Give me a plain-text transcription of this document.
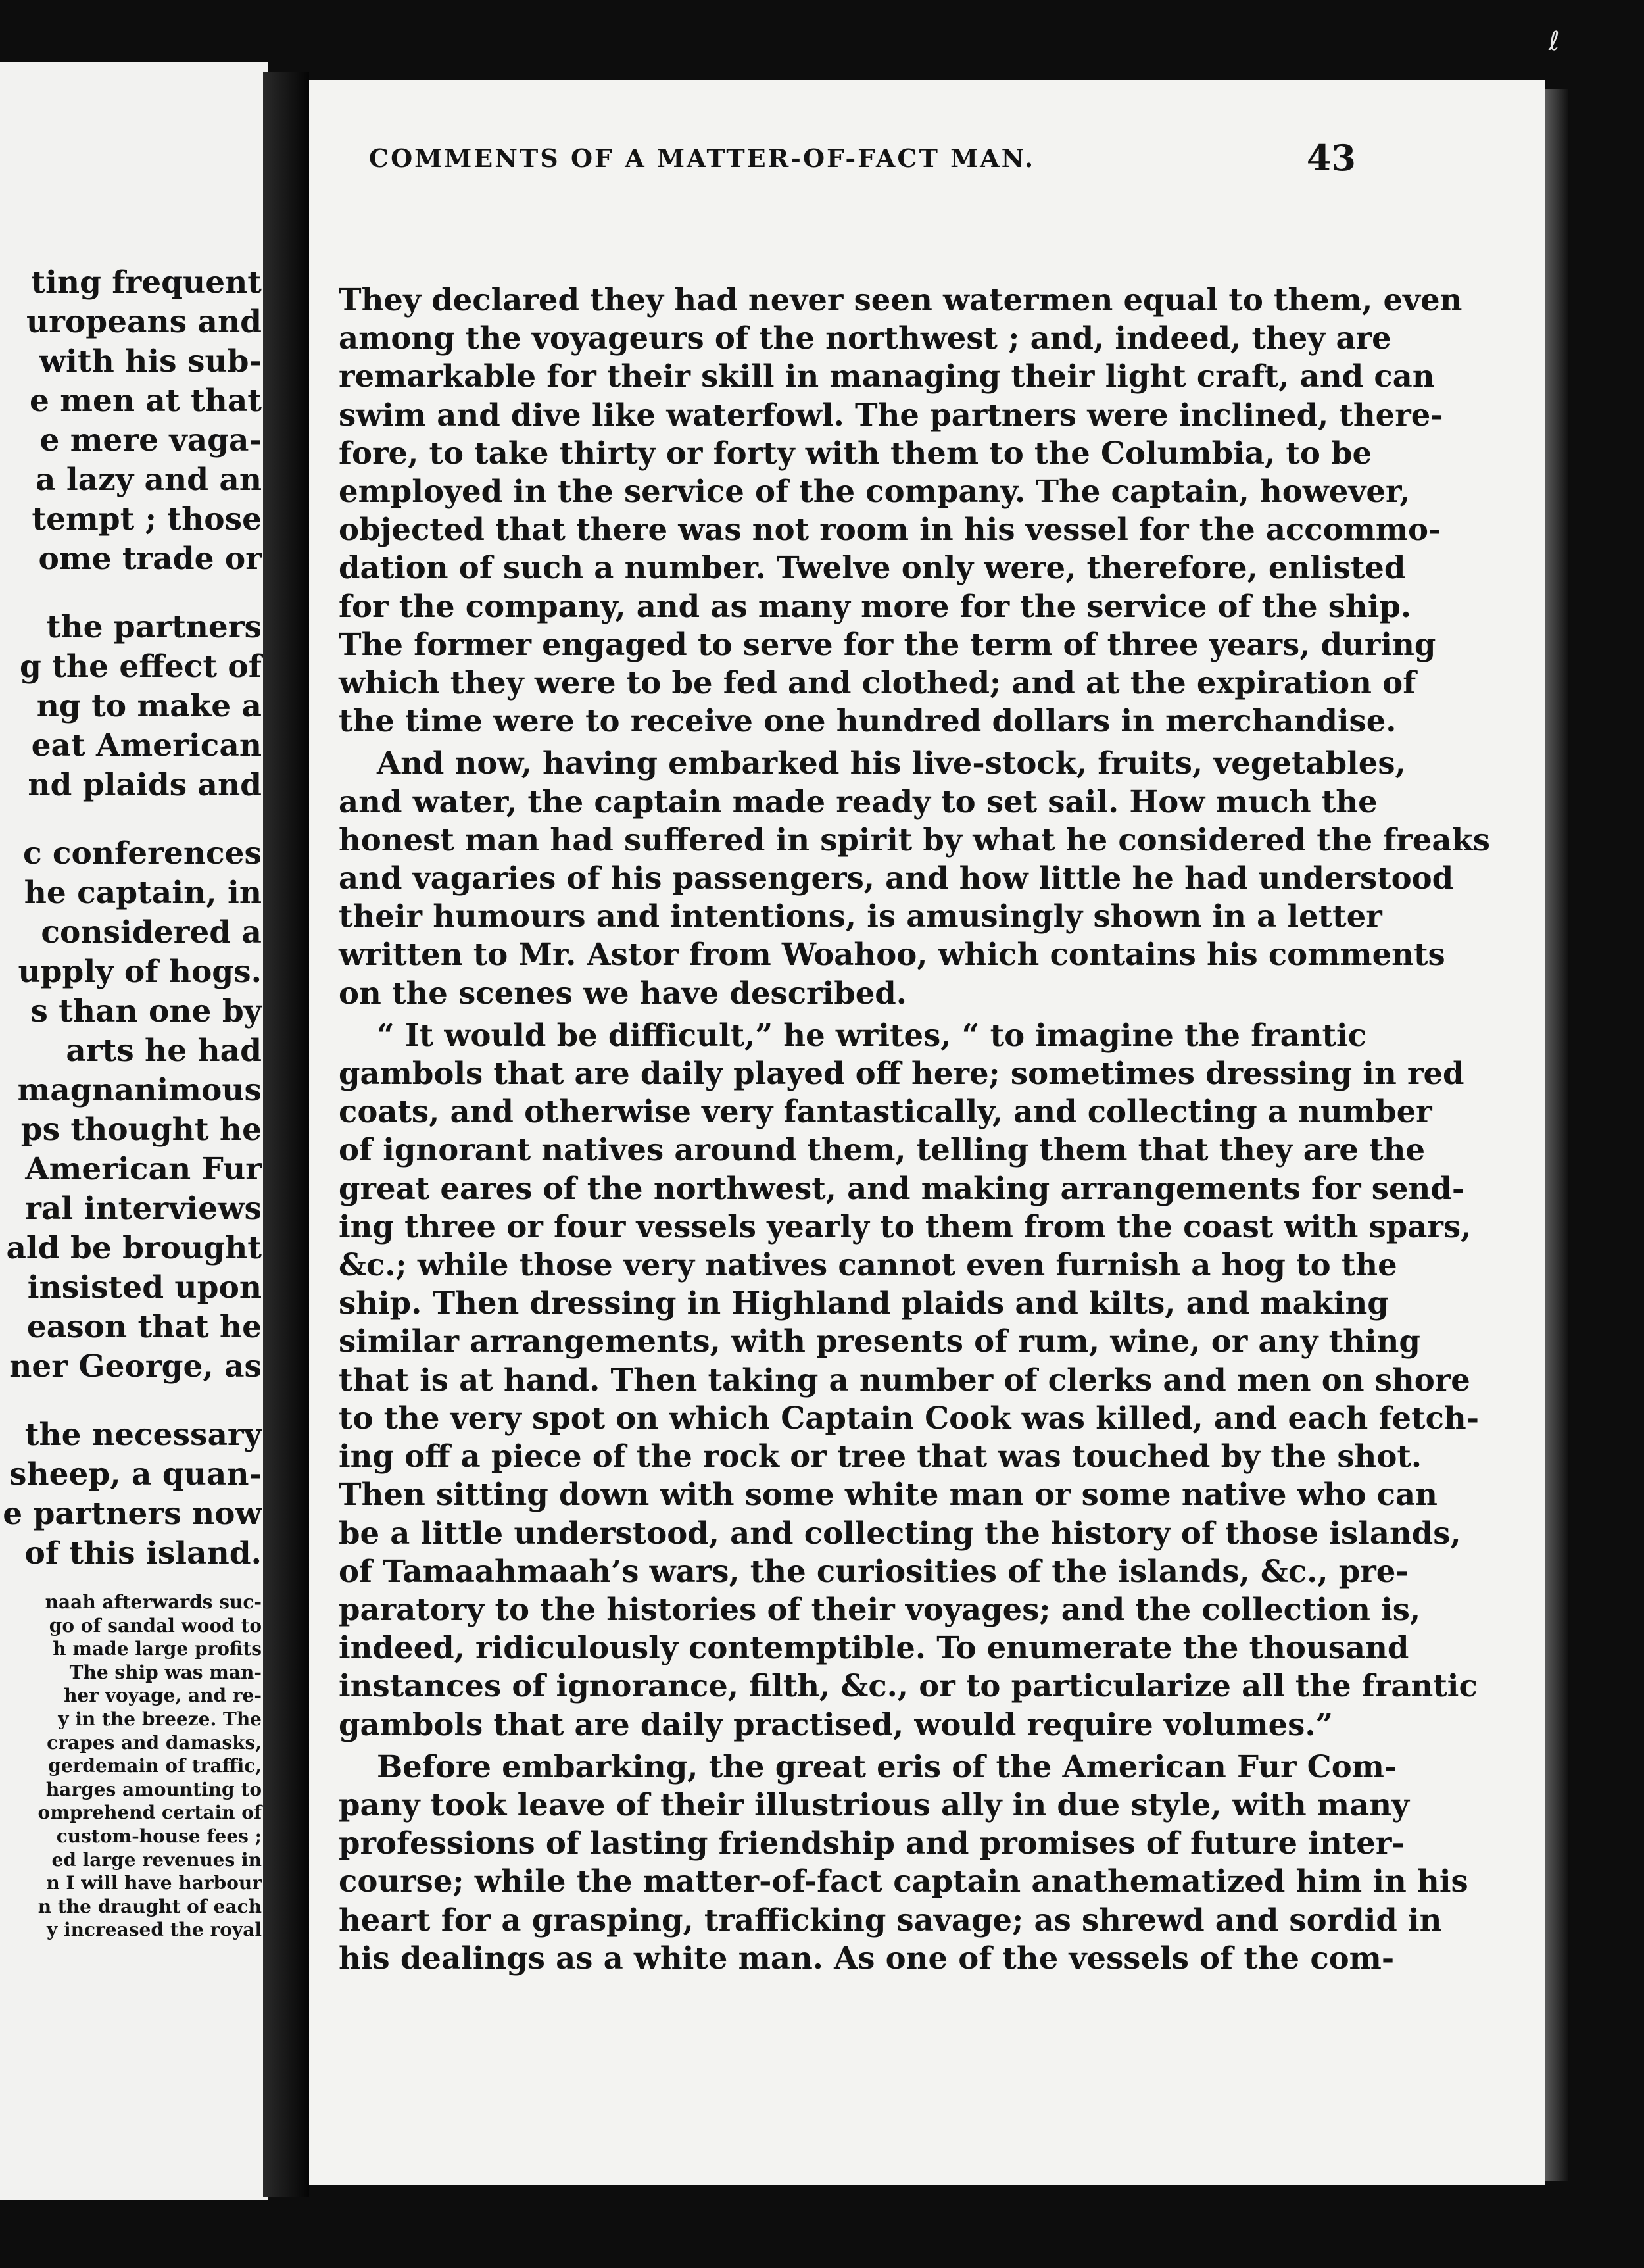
ting frequent
uropeans and
with his sub-
e men at that
e mere vaga-
a lazy and an
tempt ; those
ome trade or
the partners
g the effect of
ng to make a
eat American
nd plaids and
c conferences
he captain, in
considered a
upply of hogs.
s than one by
arts he had
magnanimous
ps thought he
American Fur
ral interviews
ald be brought
insisted upon
eason that he
ner George, as
the necessary
sheep, a quan-
e partners now
of this island.
naah afterwards suc-
go of sandal wood to
h made large profits
The ship was man-
her voyage, and re-
y in the breeze. The
crapes and damasks,
gerdemain of traffic,
harges amounting to
omprehend certain of
custom-house fees ;
ed large revenues in
n I will have harbour
n the draught of each
y increased the royal
COMMENTS OF A MATTER-OF-FACT MAN.	43
They declared they had never seen watermen equal to them, even
among the voyageurs of the northwest ; and, indeed, they are
remarkable for their skill in managing their light craft, and can
swim and dive like waterfowl. The partners were inclined, there-
fore, to take thirty or forty with them to the Columbia, to be
employed in the service of the company. The captain, however,
objected that there was not room in his vessel for the accommo-
dation of such a number. Twelve only were, therefore, enlisted
for the company, and as many more for the service of the ship.
The former engaged to serve for the term of three years, during
which they were to be fed and clothed; and at the expiration of
the time were to receive one hundred dollars in merchandise.
And now, having embarked his live-stock, fruits, vegetables,
and water, the captain made ready to set sail. How much the
honest man had suffered in spirit by what he considered the freaks
and vagaries of his passengers, and how little he had understood
their humours and intentions, is amusingly shown in a letter
written to Mr. Astor from Woahoo, which contains his comments
on the scenes we have described.
“ It would be difficult,” he writes, “ to imagine the frantic
gambols that are daily played off here; sometimes dressing in red
coats, and otherwise very fantastically, and collecting a number
of ignorant natives around them, telling them that they are the
great eares of the northwest, and making arrangements for send-
ing three or four vessels yearly to them from the coast with spars,
&c.; while those very natives cannot even furnish a hog to the
ship. Then dressing in Highland plaids and kilts, and making
similar arrangements, with presents of rum, wine, or any thing
that is at hand. Then taking a number of clerks and men on shore
to the very spot on which Captain Cook was killed, and each fetch-
ing off a piece of the rock or tree that was touched by the shot.
Then sitting down with some white man or some native who can
be a little understood, and collecting the history of those islands,
of Tamaahmaah’s wars, the curiosities of the islands, &c., pre-
paratory to the histories of their voyages; and the collection is,
indeed, ridiculously contemptible. To enumerate the thousand
instances of ignorance, filth, &c., or to particularize all the frantic
gambols that are daily practised, would require volumes.”
Before embarking, the great eris of the American Fur Com-
pany took leave of their illustrious ally in due style, with many
professions of lasting friendship and promises of future inter-
course; while the matter-of-fact captain anathematized him in his
heart for a grasping, trafficking savage; as shrewd and sordid in
his dealings as a white man. As one of the vessels of the com-
ℓ
